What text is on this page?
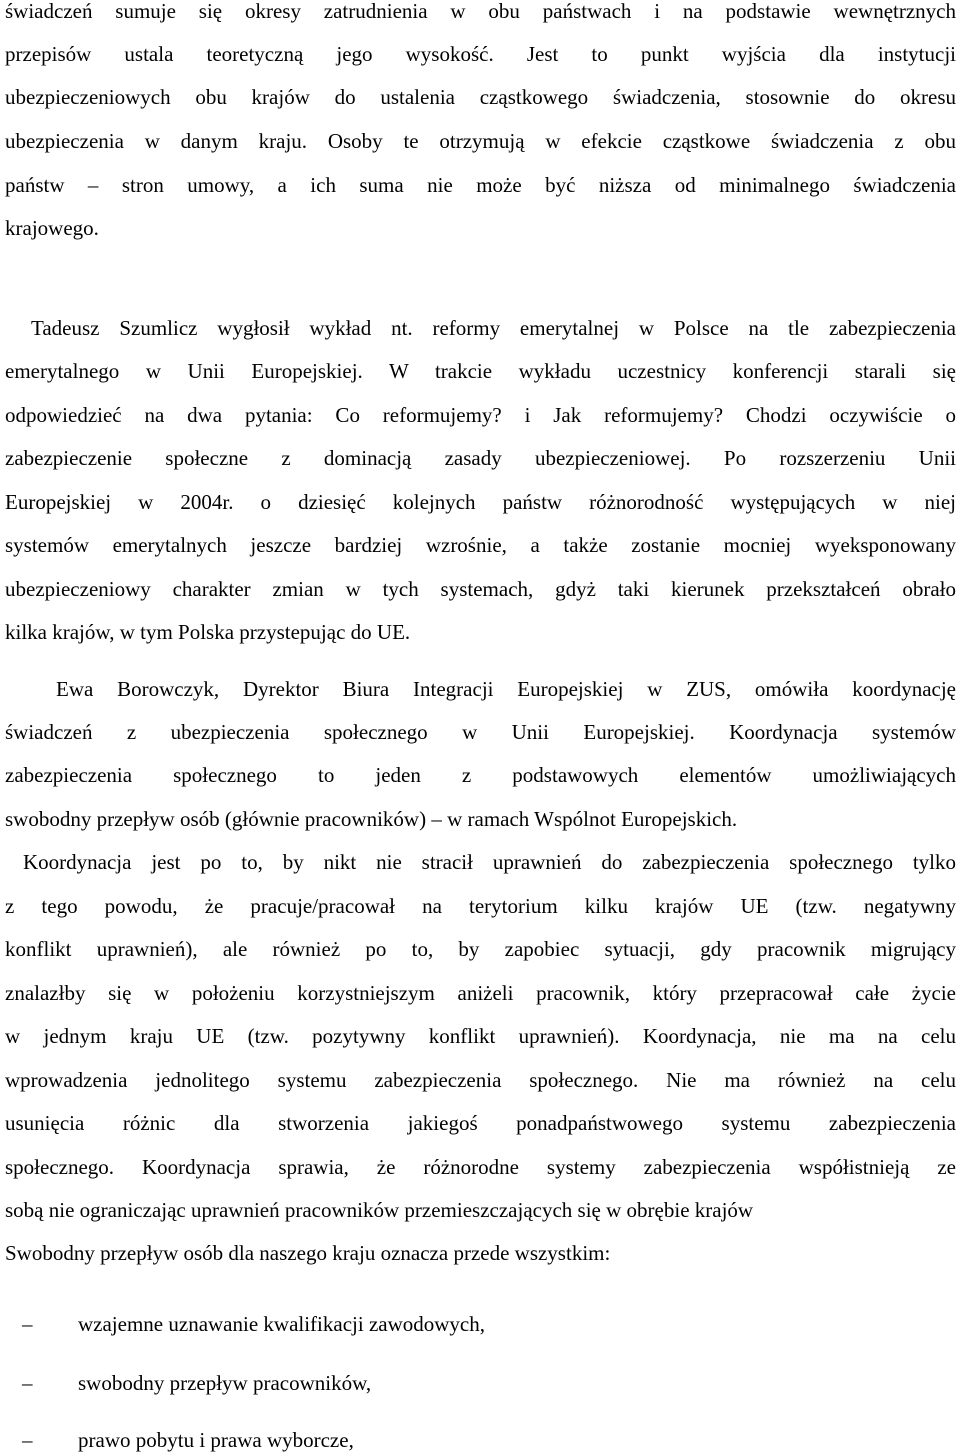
świadczeń sumuje się okresy zatrudnienia w obu państwach i na podstawie wewnętrznych
przepisów ustala teoretyczną jego wysokość. Jest to punkt wyjścia dla instytucji
ubezpieczeniowych obu krajów do ustalenia cząstkowego świadczenia, stosownie do okresu
ubezpieczenia w danym kraju. Osoby te otrzymują w efekcie cząstkowe świadczenia z obu
państw – stron umowy, a ich suma nie może być niższa od minimalnego świadczenia
krajowego.
Tadeusz Szumlicz wygłosił wykład nt. reformy emerytalnej w Polsce na tle zabezpieczenia
emerytalnego w Unii Europejskiej. W trakcie wykładu uczestnicy konferencji starali się
odpowiedzieć na dwa pytania: Co reformujemy? i Jak reformujemy? Chodzi oczywiście o
zabezpieczenie społeczne z dominacją zasady ubezpieczeniowej. Po rozszerzeniu Unii
Europejskiej w 2004r. o dziesięć kolejnych państw różnorodność występujących w niej
systemów emerytalnych jeszcze bardziej wzrośnie, a także zostanie mocniej wyeksponowany
ubezpieczeniowy charakter zmian w tych systemach, gdyż taki kierunek przekształceń obrało
kilka krajów, w tym Polska przystepując do UE.
Ewa Borowczyk, Dyrektor Biura Integracji Europejskiej w ZUS, omówiła koordynację
świadczeń z ubezpieczenia społecznego w Unii Europejskiej. Koordynacja systemów
zabezpieczenia społecznego to jeden z podstawowych elementów umożliwiających
swobodny przepływ osób (głównie pracowników) – w ramach Wspólnot Europejskich.
Koordynacja jest po to, by nikt nie stracił uprawnień do zabezpieczenia społecznego tylko
z tego powodu, że pracuje/pracował na terytorium kilku krajów UE (tzw. negatywny
konflikt uprawnień), ale również po to, by zapobiec sytuacji, gdy pracownik migrujący
znalazłby się w położeniu korzystniejszym aniżeli pracownik, który przepracował całe życie
w jednym kraju UE (tzw. pozytywny konflikt uprawnień). Koordynacja, nie ma na celu
wprowadzenia jednolitego systemu zabezpieczenia społecznego. Nie ma również na celu
usunięcia różnic dla stworzenia jakiegoś ponadpaństwowego systemu zabezpieczenia
społecznego. Koordynacja sprawia, że różnorodne systemy zabezpieczenia współistnieją ze
sobą nie ograniczając uprawnień pracowników przemieszczających się w obrębie krajów
Swobodny przepływ osób dla naszego kraju oznacza przede wszystkim:
–	wzajemne uznawanie kwalifikacji zawodowych,
–	swobodny przepływ pracowników,
–	prawo pobytu i prawa wyborcze,
